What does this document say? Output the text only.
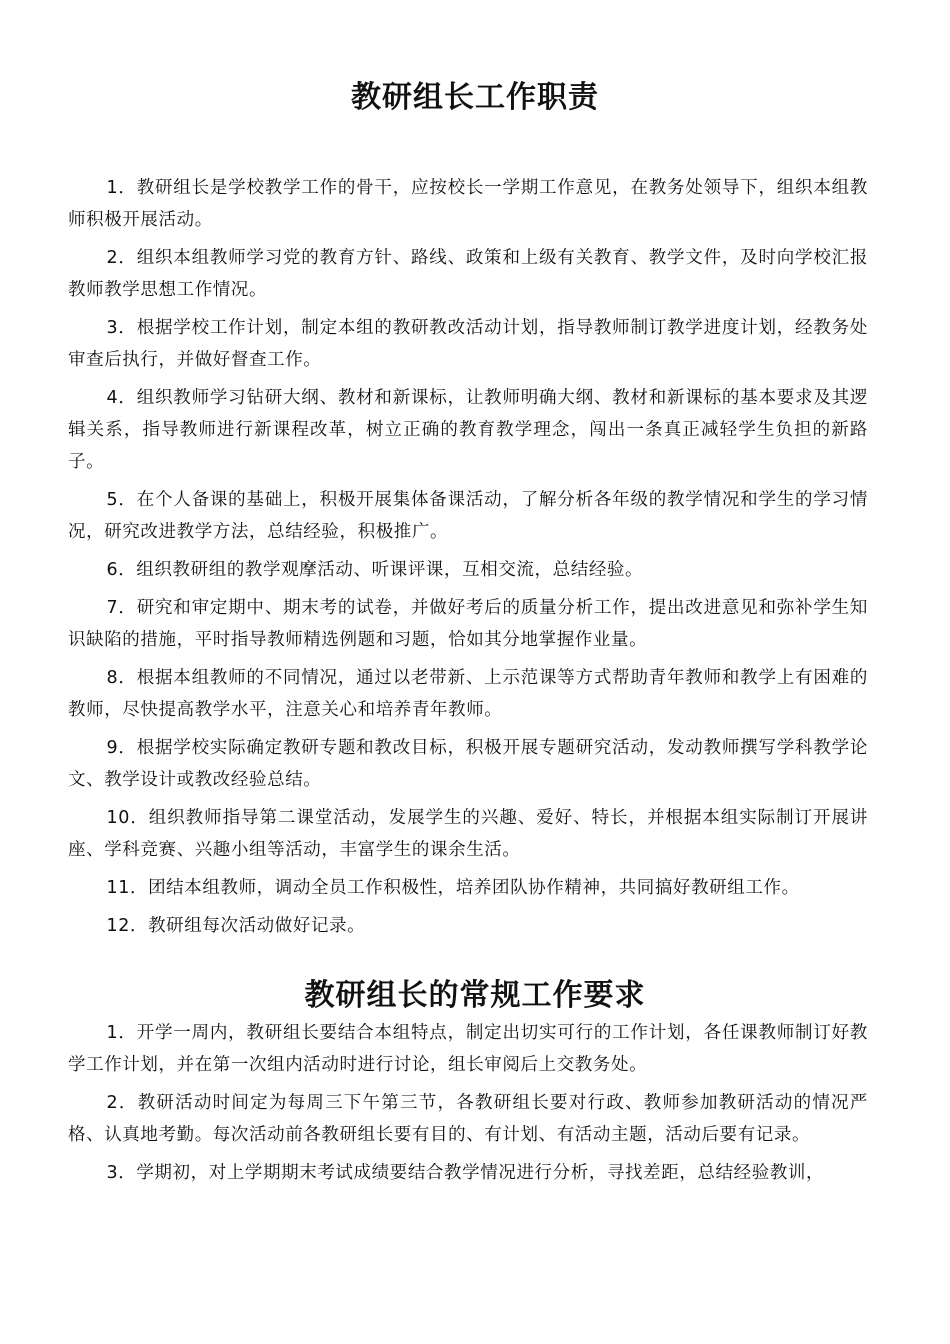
教研组长工作职责

1．教研组长是学校教学工作的骨干，应按校长一学期工作意见，在教务处领导下，组织本组教师积极开展活动。

2．组织本组教师学习党的教育方针、路线、政策和上级有关教育、教学文件，及时向学校汇报教师教学思想工作情况。

3．根据学校工作计划，制定本组的教研教改活动计划，指导教师制订教学进度计划，经教务处审查后执行，并做好督查工作。

4．组织教师学习钻研大纲、教材和新课标，让教师明确大纲、教材和新课标的基本要求及其逻辑关系，指导教师进行新课程改革，树立正确的教育教学理念，闯出一条真正减轻学生负担的新路子。

5．在个人备课的基础上，积极开展集体备课活动，了解分析各年级的教学情况和学生的学习情况，研究改进教学方法，总结经验，积极推广。

6．组织教研组的教学观摩活动、听课评课，互相交流，总结经验。

7．研究和审定期中、期末考的试卷，并做好考后的质量分析工作，提出改进意见和弥补学生知识缺陷的措施，平时指导教师精选例题和习题，恰如其分地掌握作业量。

8．根据本组教师的不同情况，通过以老带新、上示范课等方式帮助青年教师和教学上有困难的教师，尽快提高教学水平，注意关心和培养青年教师。

9．根据学校实际确定教研专题和教改目标，积极开展专题研究活动，发动教师撰写学科教学论文、教学设计或教改经验总结。

10．组织教师指导第二课堂活动，发展学生的兴趣、爱好、特长，并根据本组实际制订开展讲座、学科竞赛、兴趣小组等活动，丰富学生的课余生活。

11．团结本组教师，调动全员工作积极性，培养团队协作精神，共同搞好教研组工作。

12．教研组每次活动做好记录。

教研组长的常规工作要求

1．开学一周内，教研组长要结合本组特点，制定出切实可行的工作计划，各任课教师制订好教学工作计划，并在第一次组内活动时进行讨论，组长审阅后上交教务处。

2．教研活动时间定为每周三下午第三节，各教研组长要对行政、教师参加教研活动的情况严格、认真地考勤。每次活动前各教研组长要有目的、有计划、有活动主题，活动后要有记录。

3．学期初，对上学期期末考试成绩要结合教学情况进行分析，寻找差距，总结经验教训，
